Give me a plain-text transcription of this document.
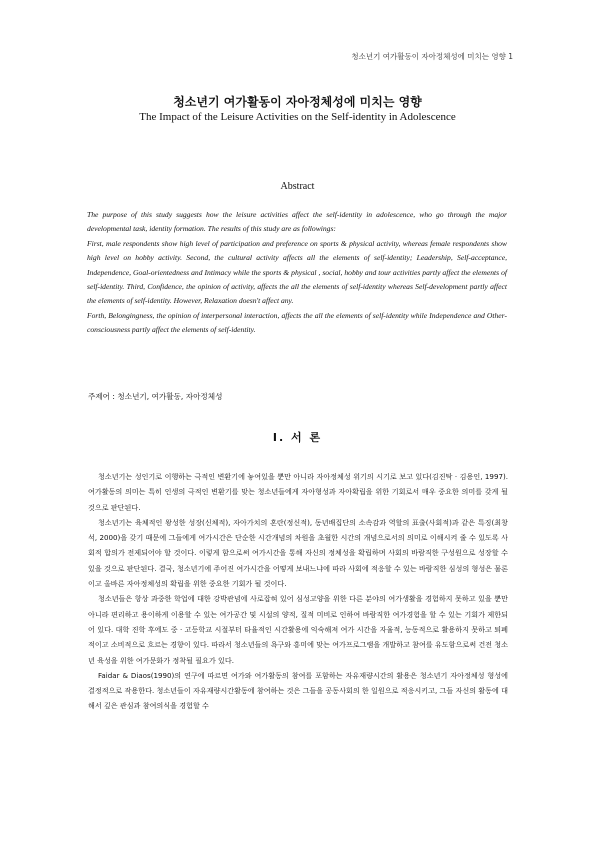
청소년기 여가활동이 자아정체성에 미치는 영향 1
청소년기 여가활동이 자아정체성에 미치는 영향
The Impact of the Leisure Activities on the Self-identity in Adolescence
Abstract

The purpose of this study suggests how the leisure activities affect the self-identity in adolescence, who go through the major developmental task, identity formation. The results of this study are as followings:

First, male respondents show high level of participation and preference on sports & physical activity, whereas female respondents show high level on hobby activity. Second, the cultural activity affects all the elements of self-identity; Leadership, Self-acceptance, Independence, Goal-orientedness and Intimacy while the sports & physical , social, hobby and tour activities partly affect the elements of self-identity. Third, Confidence, the opinion of activity, affects the all the elements of self-identity whereas Self-development partly affect the elements of self-identity. However, Relaxation doesn't affect any.

Forth, Belongingness, the opinion of interpersonal interaction, affects the all the elements of self-identity while Independence and Other-consciousness partly affect the elements of self-identity.

주제어 : 청소년기, 여가활동, 자아정체성
Ⅰ. 서 론

청소년기는 성인기로 이행하는 극적인 변환기에 놓여있을 뿐만 아니라 자아정체성 위기의 시기로 보고 있다(김진탁 · 김용인, 1997). 여가활동의 의미는 특히 인생의 극적인 변환기를 맞는 청소년들에게 자아형성과 자아확립을 위한 기회로서 매우 중요한 의미를 갖게 될 것으로 판단된다.

청소년기는 육체적인 왕성한 성장(신체적), 자아가치의 혼란(정신적), 동년배집단의 소속감과 역할의 표출(사회적)과 같은 특징(최창석, 2000)을 갖기 때문에 그들에게 여가시간은 단순한 시간개념의 차원을 초월한 시간의 개념으로서의 의미로 이해시켜 줄 수 있도록 사회적 합의가 전제되어야 할 것이다. 이렇게 함으로써 여가시간을 통해 자신의 정체성을 확립하며 사회의 바람직한 구성원으로 성장할 수 있을 것으로 판단된다. 결국, 청소년기에 주어진 여가시간을 어떻게 보내느냐에 따라 사회에 적응할 수 있는 바람직한 심성의 형성은 물론이고 올바른 자아정체성의 확립을 위한 중요한 기회가 될 것이다.

청소년들은 항상 과중한 학업에 대한 강박관념에 사로잡혀 있어 심성고양을 위한 다른 분야의 여가생활을 경험하지 못하고 있을 뿐만 아니라 편리하고 용이하게 이용할 수 있는 여가공간 및 시설의 양적, 질적 미비로 인하여 바람직한 여가경험을 할 수 있는 기회가 제한되어 있다. 대학 진학 후에도 중 · 고등학교 시절부터 타율적인 시간활용에 익숙해져 여가 시간을 자율적, 능동적으로 활용하지 못하고 퇴폐적이고 소비적으로 흐르는 경향이 있다. 따라서 청소년들의 욕구와 흥미에 맞는 여가프로그램을 개발하고 참여를 유도함으로써 건전 청소년 육성을 위한 여가문화가 정착될 필요가 있다.

Faidar & Diaos(1990)의 연구에 따르면 여가와 여가활동의 참여를 포함하는 자유재량시간의 활용은 청소년기 자아정체성 형성에 결정적으로 작용한다. 청소년들이 자유재량시간활동에 참여하는 것은 그들을 공동사회의 한 일원으로 적응시키고, 그들 자신의 활동에 대해서 깊은 관심과 참여의식을 경험할 수
